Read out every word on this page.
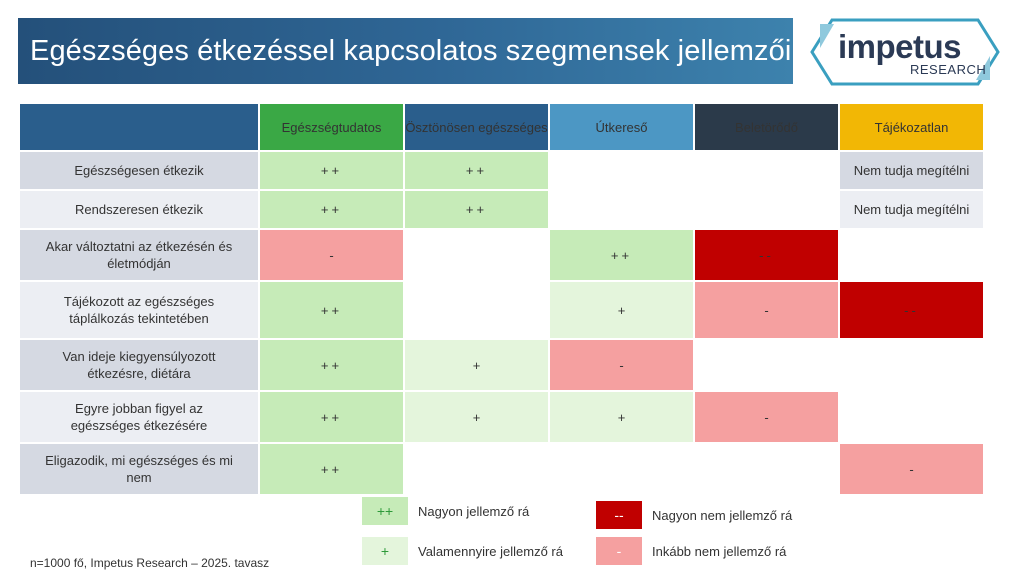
Egészséges étkezéssel kapcsolatos szegmensek jellemzői impetus
RESEARCH
	Egészségtudatos	Ösztönösen egészséges	Útkereső	Beletörődő	Tájékozatlan
Egészségesen étkezik	++	++			Nem tudja megítélni
Rendszeresen étkezik	++	++			Nem tudja megítélni
Akar változtatni az étkezésén és életmódján	-		++	--	
Tájékozott az egészséges táplálkozás tekintetében	++		+	-	--
Van ideje kiegyensúlyozott étkezésre, diétára	++	+	-		
Egyre jobban figyel az egészséges étkezésére	++	+	+	-	
Eligazodik, mi egészséges és mi nem	++				-
++	Nagyon jellemző rá
+	Valamennyire jellemző rá
--	Nagyon nem jellemző rá
-	Inkább nem jellemző rá
n=1000 fő, Impetus Research – 2025. tavasz
